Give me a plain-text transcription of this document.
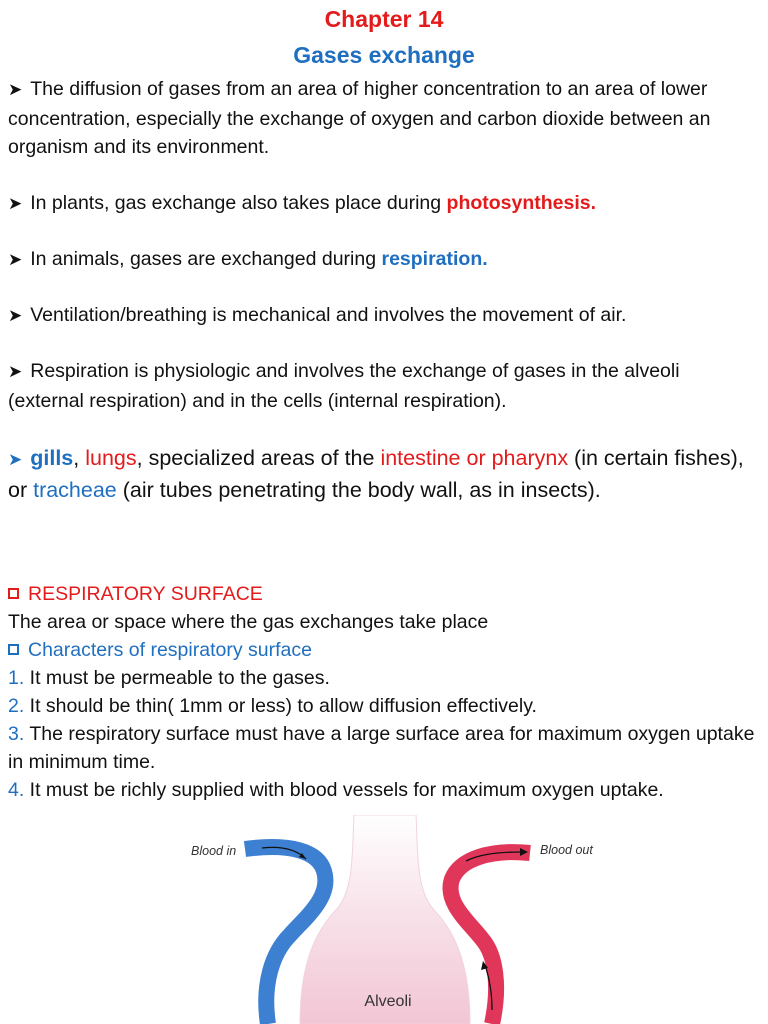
Chapter 14
Gases exchange
➤ The diffusion of gases from an area of higher concentration to an area of lower concentration, especially the exchange of oxygen and carbon dioxide between an organism and its environment.
➤ In plants, gas exchange also takes place during photosynthesis.
➤ In animals, gases are exchanged during respiration.
➤ Ventilation/breathing is mechanical and involves the movement of air.
➤ Respiration is physiologic and involves the exchange of gases in the alveoli (external respiration) and in the cells (internal respiration).
➤ gills, lungs, specialized areas of the intestine or pharynx (in certain fishes), or tracheae (air tubes penetrating the body wall, as in insects).
RESPIRATORY SURFACE
The area or space where the gas exchanges take place
Characters of respiratory surface
1. It must be permeable to the gases.
2. It should be thin( 1mm or less) to allow diffusion effectively.
3. The respiratory surface must have a large surface area for maximum oxygen uptake in minimum time.
4. It must be richly supplied with blood vessels for maximum oxygen uptake.
Blood in	Blood out
Alveoli
